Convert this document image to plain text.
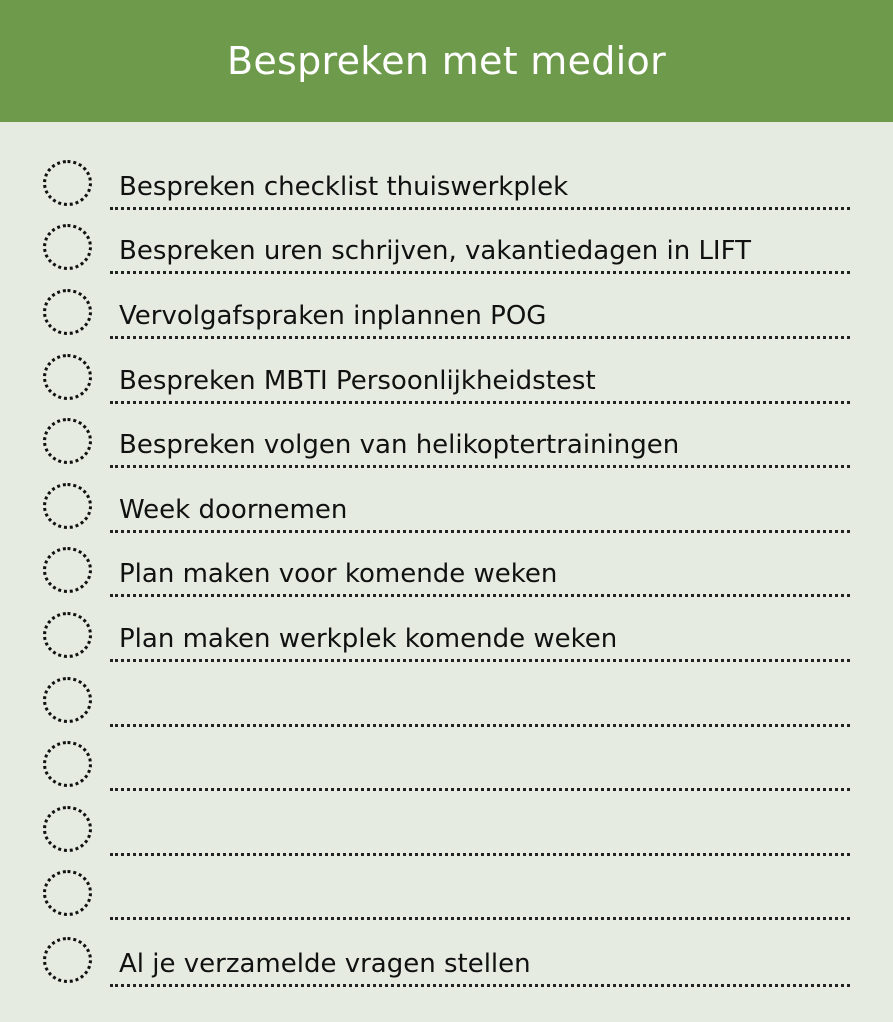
Bespreken met medior
Bespreken checklist thuiswerkplek
Bespreken uren schrijven, vakantiedagen in LIFT
Vervolgafspraken inplannen POG
Bespreken MBTI Persoonlijkheidstest
Bespreken volgen van helikoptertrainingen
Week doornemen
Plan maken voor komende weken
Plan maken werkplek komende weken
Al je verzamelde vragen stellen
